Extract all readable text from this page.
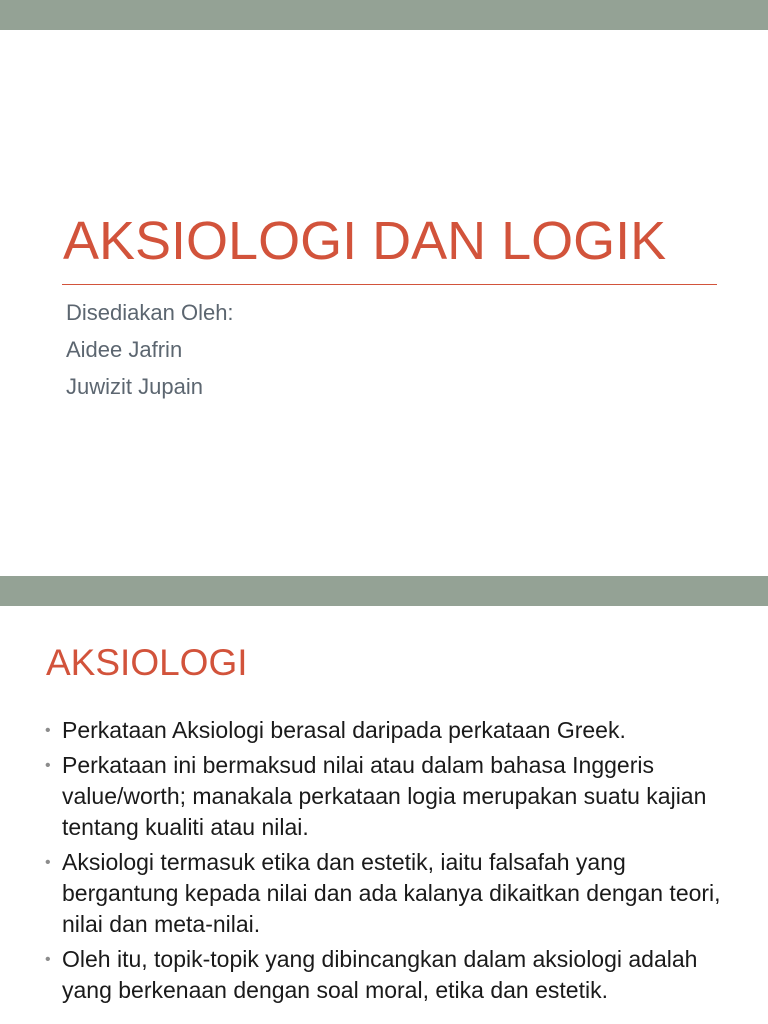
AKSIOLOGI DAN LOGIK
Disediakan Oleh:
Aidee Jafrin
Juwizit Jupain
AKSIOLOGI
• Perkataan Aksiologi berasal daripada perkataan Greek.
• Perkataan ini bermaksud nilai atau dalam bahasa Inggeris value/worth; manakala perkataan logia merupakan suatu kajian tentang kualiti atau nilai.
• Aksiologi termasuk etika dan estetik, iaitu falsafah yang bergantung kepada nilai dan ada kalanya dikaitkan dengan teori, nilai dan meta-nilai.
• Oleh itu, topik-topik yang dibincangkan dalam aksiologi adalah yang berkenaan dengan soal moral, etika dan estetik.
